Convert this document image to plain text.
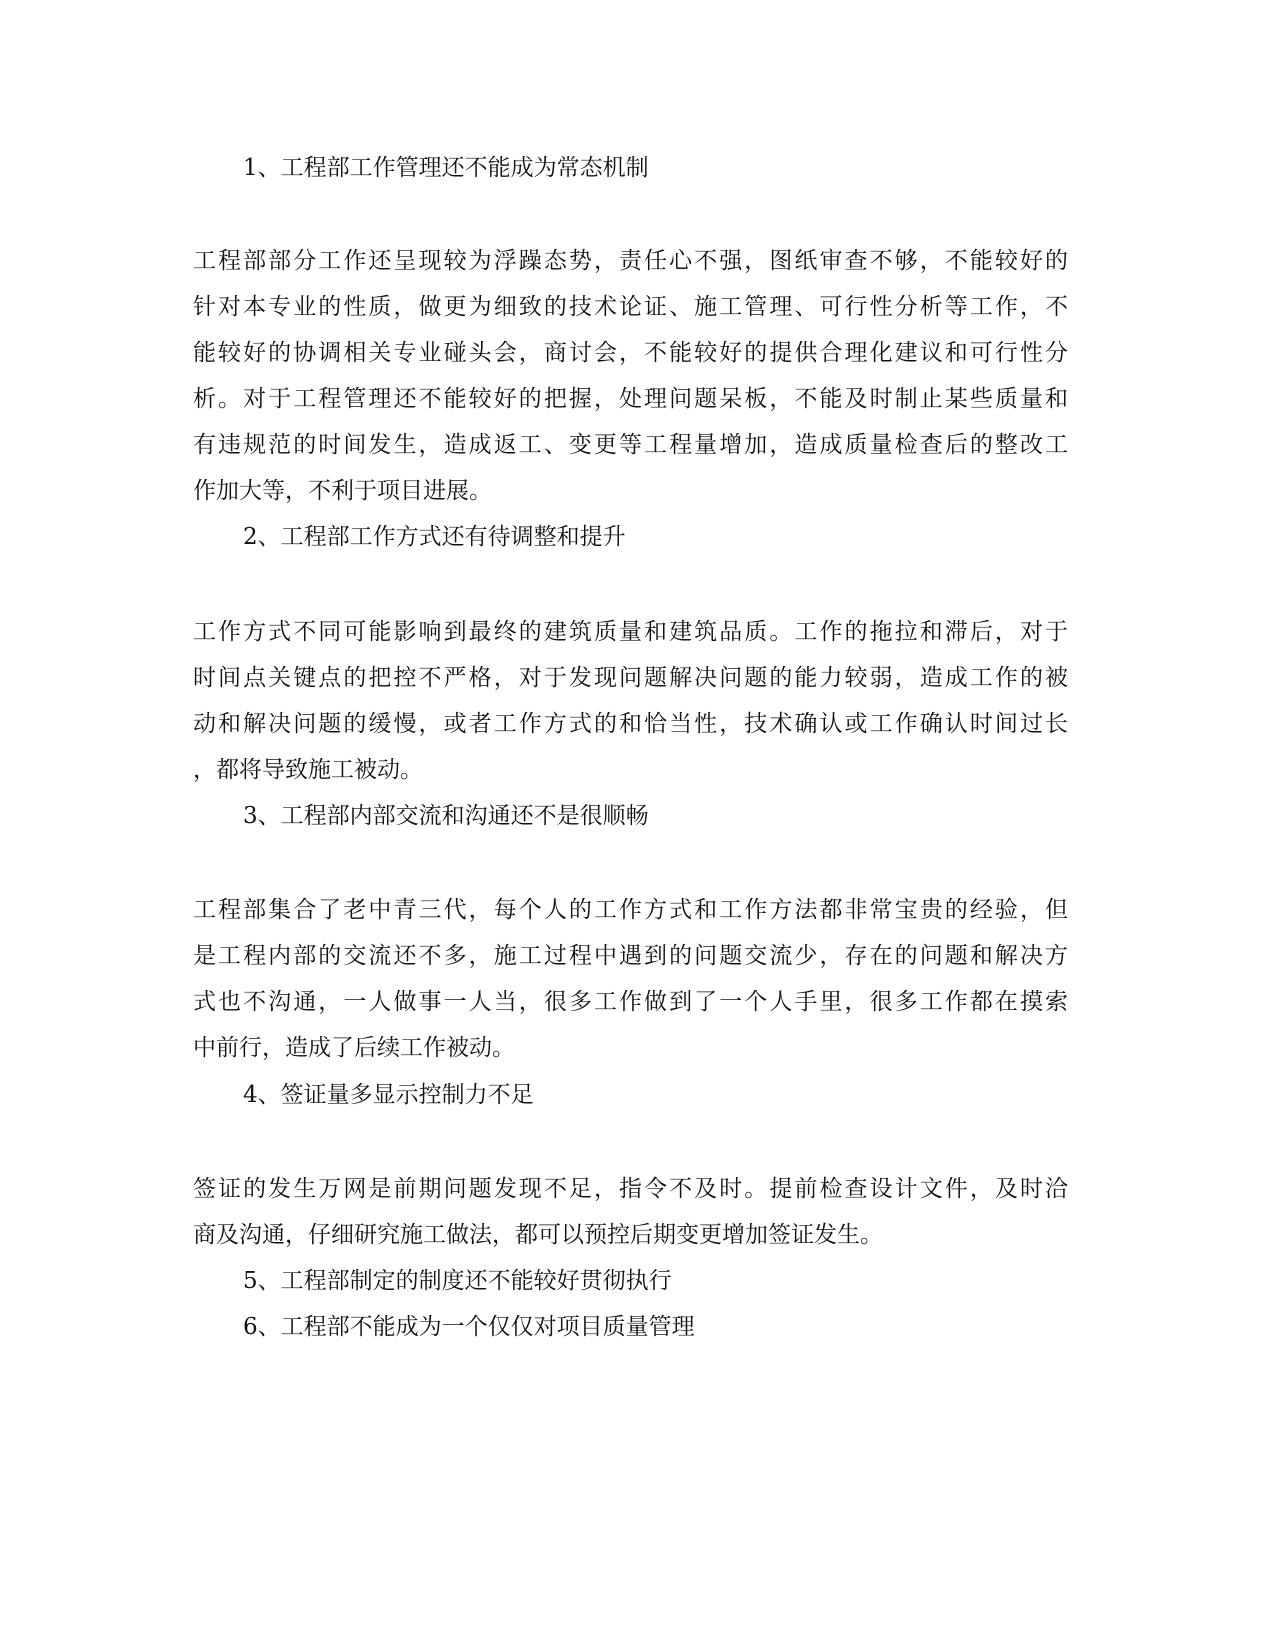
1、工程部工作管理还不能成为常态机制
工程部部分工作还呈现较为浮躁态势，责任心不强，图纸审查不够，不能较好的
针对本专业的性质，做更为细致的技术论证、施工管理、可行性分析等工作，不
能较好的协调相关专业碰头会，商讨会，不能较好的提供合理化建议和可行性分
析。对于工程管理还不能较好的把握，处理问题呆板，不能及时制止某些质量和
有违规范的时间发生，造成返工、变更等工程量增加，造成质量检查后的整改工
作加大等，不利于项目进展。
2、工程部工作方式还有待调整和提升
工作方式不同可能影响到最终的建筑质量和建筑品质。工作的拖拉和滞后，对于
时间点关键点的把控不严格，对于发现问题解决问题的能力较弱，造成工作的被
动和解决问题的缓慢，或者工作方式的和恰当性，技术确认或工作确认时间过长
，都将导致施工被动。
3、工程部内部交流和沟通还不是很顺畅
工程部集合了老中青三代，每个人的工作方式和工作方法都非常宝贵的经验，但
是工程内部的交流还不多，施工过程中遇到的问题交流少，存在的问题和解决方
式也不沟通，一人做事一人当，很多工作做到了一个人手里，很多工作都在摸索
中前行，造成了后续工作被动。
4、签证量多显示控制力不足
签证的发生万网是前期问题发现不足，指令不及时。提前检查设计文件，及时洽
商及沟通，仔细研究施工做法，都可以预控后期变更增加签证发生。
5、工程部制定的制度还不能较好贯彻执行
6、工程部不能成为一个仅仅对项目质量管理
